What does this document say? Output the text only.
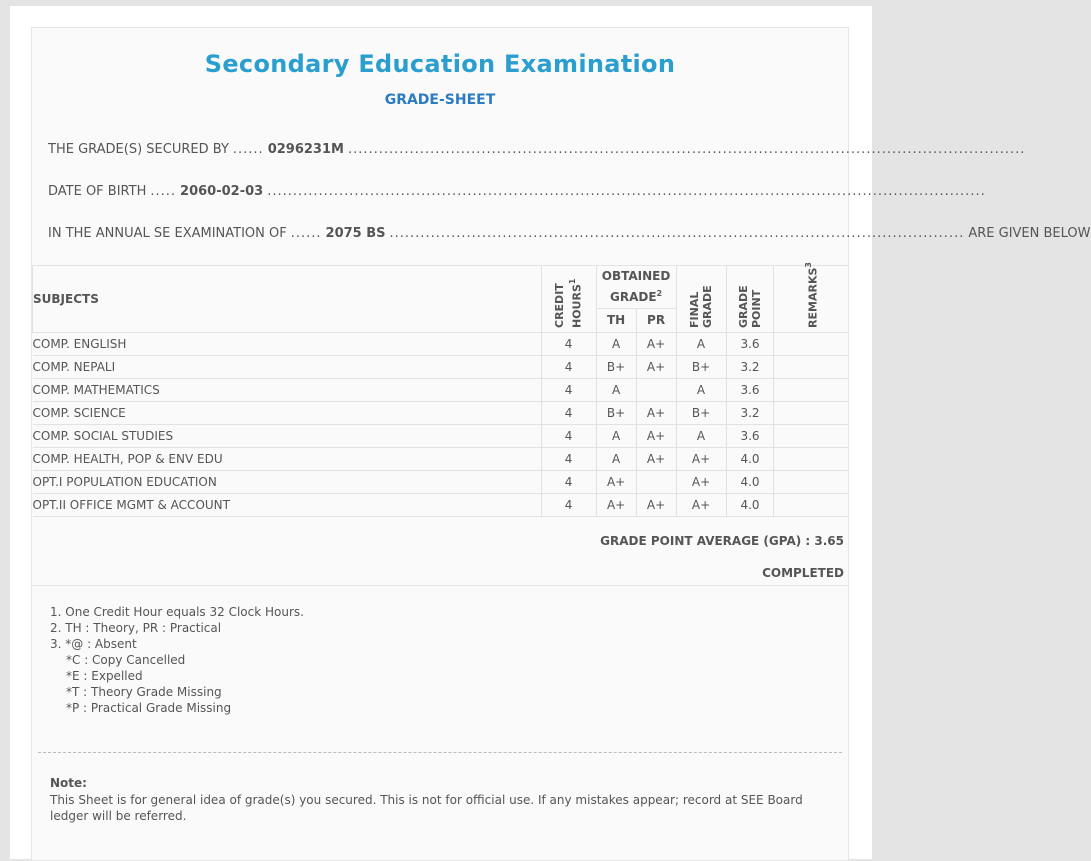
Secondary Education Examination
GRADE-SHEET
THE GRADE(S) SECURED BY ...... 0296231M ....................................................................................................................................
DATE OF BIRTH ..... 2060-02-03 ............................................................................................................................................
IN THE ANNUAL SE EXAMINATION OF ...... 2075 BS ................................................................................................................ ARE GIVEN BELOW
SUBJECTS	CREDIT HOURS$^1$	OBTAINED GRADE$^2$		FINAL GRADE	GRADE POINT	REMARKS$^3$

		TH	PR			
COMP. ENGLISH	4	A	A+	A	3.6	
COMP. NEPALI	4	B+	A+	B+	3.2	
COMP. MATHEMATICS	4	A		A	3.6	
COMP. SCIENCE	4	B+	A+	B+	3.2	
COMP. SOCIAL STUDIES	4	A	A+	A	3.6	
COMP. HEALTH, POP & ENV EDU	4	A	A+	A+	4.0	
OPT.I POPULATION EDUCATION	4	A+		A+	4.0	
OPT.II OFFICE MGMT & ACCOUNT	4	A+	A+	A+	4.0	
GRADE POINT AVERAGE (GPA) : 3.65
COMPLETED
1. One Credit Hour equals 32 Clock Hours.
2. TH : Theory, PR : Practical
3. *@ : Absent
*C : Copy Cancelled
*E : Expelled
*T : Theory Grade Missing
*P : Practical Grade Missing
Note:
This Sheet is for general idea of grade(s) you secured. This is not for official use. If any mistakes appear; record at SEE Board ledger will be referred.
